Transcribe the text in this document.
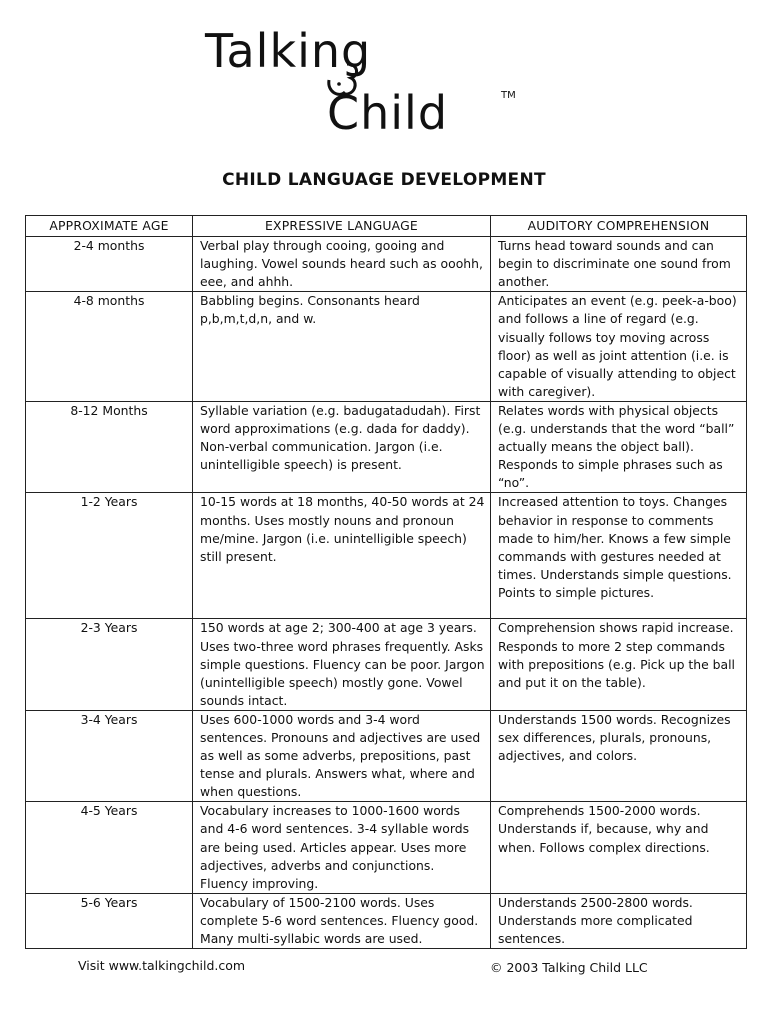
Talking
Child	TM
CHILD LANGUAGE DEVELOPMENT
APPROXIMATE AGE	EXPRESSIVE LANGUAGE	AUDITORY COMPREHENSION
2-4 months	Verbal play through cooing, gooing and laughing. Vowel sounds heard such as ooohh, eee, and ahhh.	Turns head toward sounds and can begin to discriminate one sound from another.
4-8 months	Babbling begins. Consonants heard p,b,m,t,d,n, and w.	Anticipates an event (e.g. peek-a-boo) and follows a line of regard (e.g. visually follows toy moving across floor) as well as joint attention (i.e. is capable of visually attending to object with caregiver).
8-12 Months	Syllable variation (e.g. badugatadudah). First word approximations (e.g. dada for daddy). Non-verbal communication. Jargon (i.e. unintelligible speech) is present.	Relates words with physical objects (e.g. understands that the word “ball” actually means the object ball). Responds to simple phrases such as “no”.
1-2 Years	10-15 words at 18 months, 40-50 words at 24 months. Uses mostly nouns and pronoun me/mine. Jargon (i.e. unintelligible speech) still present.	Increased attention to toys. Changes behavior in response to comments made to him/her. Knows a few simple commands with gestures needed at times. Understands simple questions. Points to simple pictures.
2-3 Years	150 words at age 2; 300-400 at age 3 years. Uses two-three word phrases frequently. Asks simple questions. Fluency can be poor. Jargon (unintelligible speech) mostly gone. Vowel sounds intact.	Comprehension shows rapid increase. Responds to more 2 step commands with prepositions (e.g. Pick up the ball and put it on the table).
3-4 Years	Uses 600-1000 words and 3-4 word sentences. Pronouns and adjectives are used as well as some adverbs, prepositions, past tense and plurals. Answers what, where and when questions.	Understands 1500 words. Recognizes sex differences, plurals, pronouns, adjectives, and colors.
4-5 Years	Vocabulary increases to 1000-1600 words and 4-6 word sentences. 3-4 syllable words are being used. Articles appear. Uses more adjectives, adverbs and conjunctions. Fluency improving.	Comprehends 1500-2000 words. Understands if, because, why and when. Follows complex directions.
5-6 Years	Vocabulary of 1500-2100 words. Uses complete 5-6 word sentences. Fluency good. Many multi-syllabic words are used.	Understands 2500-2800 words. Understands more complicated sentences.
Visit www.talkingchild.com	© 2003 Talking Child LLC
